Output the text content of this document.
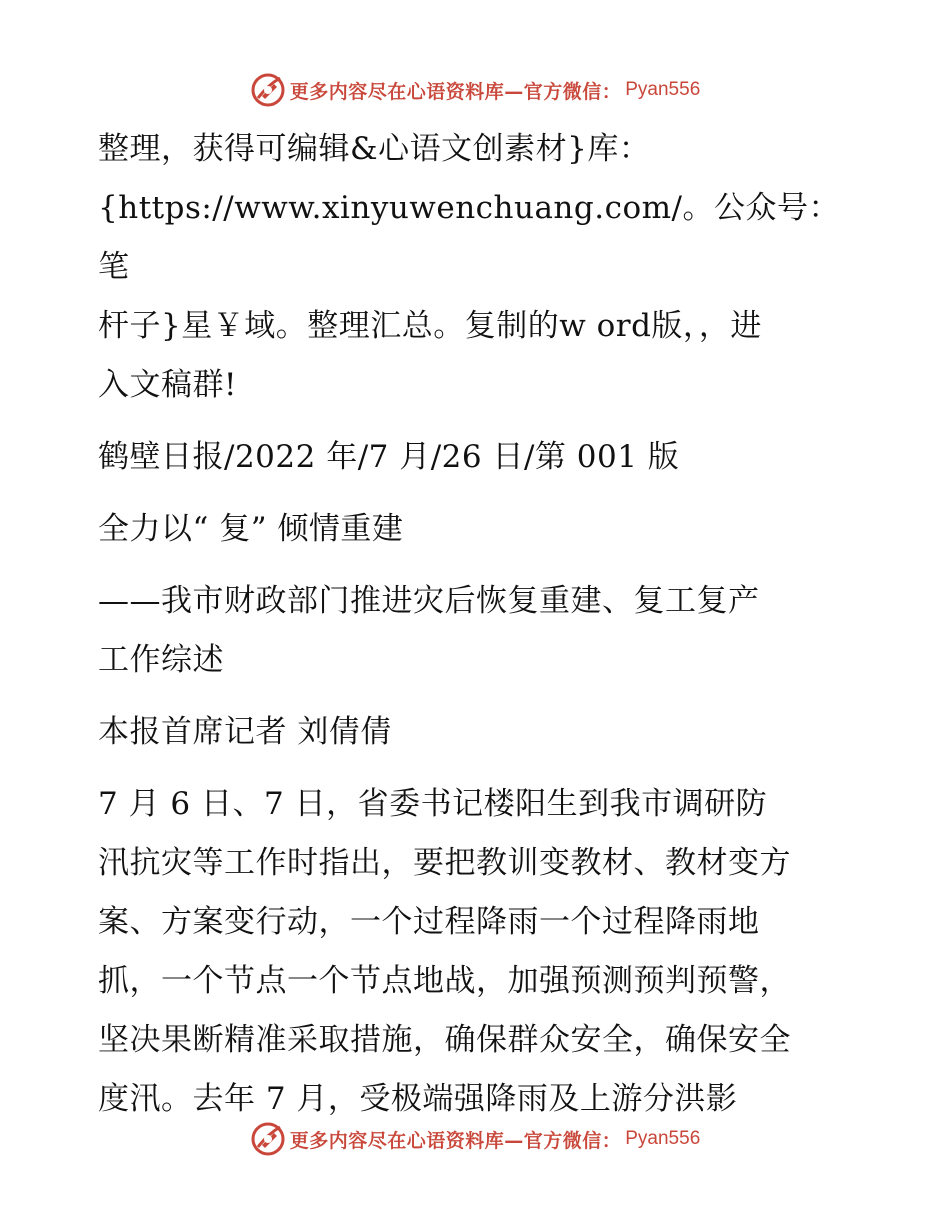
更多内容尽在心语资料库—官方微信： Pyan556

整理，获得可编辑&心语文创素材}库：
{https://www.xinyuwenchuang.com/。公众号：笔
杆子}星￥域。整理汇总。复制的w ord版，，进
入文稿群!

鹤壁日报/2022 年/7 月/26 日/第 001 版

全力以“ 复” 倾情重建

——我市财政部门推进灾后恢复重建、复工复产
工作综述

本报首席记者 刘倩倩

7 月 6 日、7 日，省委书记楼阳生到我市调研防
汛抗灾等工作时指出，要把教训变教材、教材变方
案、方案变行动，一个过程降雨一个过程降雨地
抓，一个节点一个节点地战，加强预测预判预警，
坚决果断精准采取措施，确保群众安全，确保安全
度汛。去年 7 月，受极端强降雨及上游分洪影

更多内容尽在心语资料库—官方微信： Pyan556
